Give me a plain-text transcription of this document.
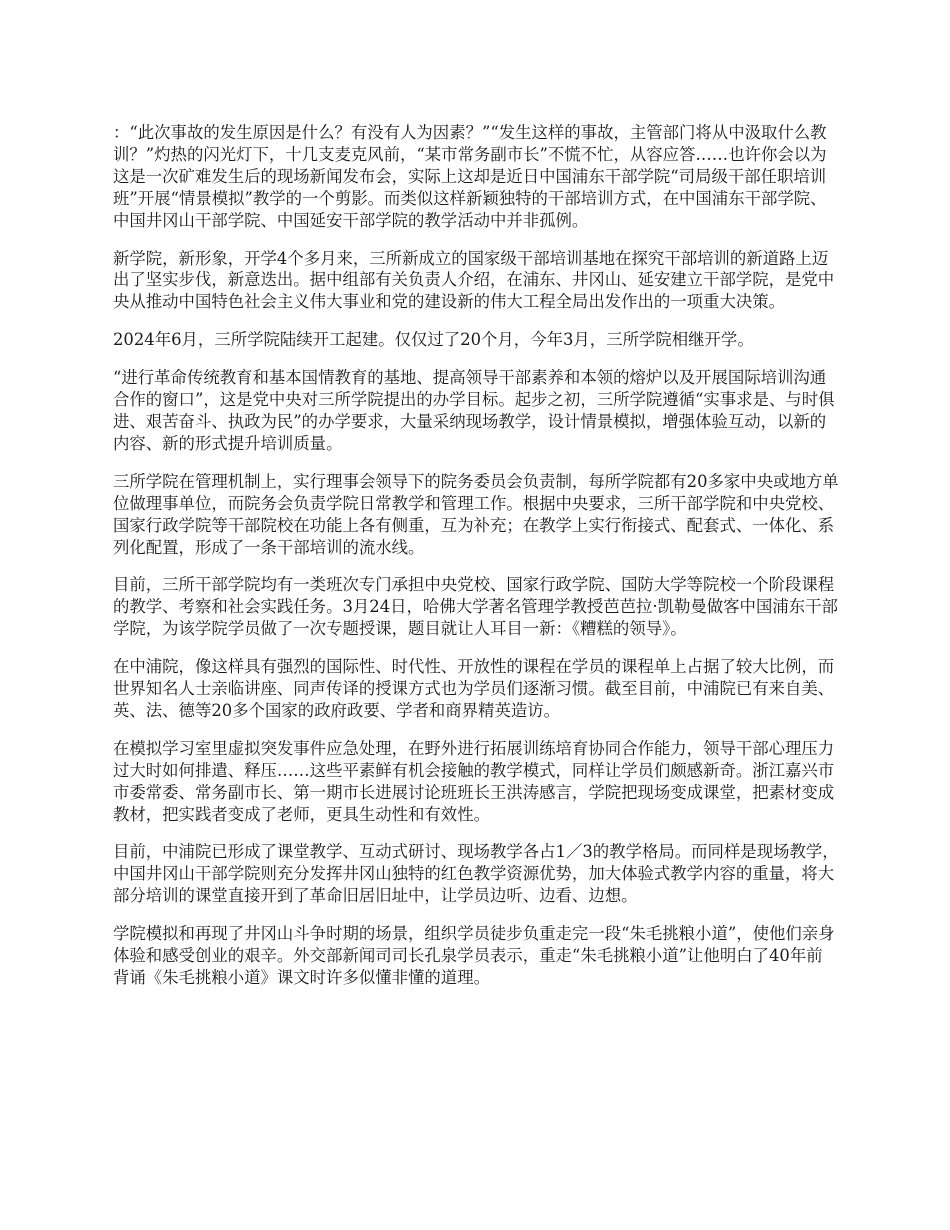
：“此次事故的发生原因是什么？有没有人为因素？”“发生这样的事故，主管部门将从中汲取什么教训？”灼热的闪光灯下，十几支麦克风前，“某市常务副市长”不慌不忙，从容应答……也许你会以为这是一次矿难发生后的现场新闻发布会，实际上这却是近日中国浦东干部学院“司局级干部任职培训班”开展“情景模拟”教学的一个剪影。而类似这样新颖独特的干部培训方式，在中国浦东干部学院、中国井冈山干部学院、中国延安干部学院的教学活动中并非孤例。

新学院，新形象，开学4个多月来，三所新成立的国家级干部培训基地在探究干部培训的新道路上迈出了坚实步伐，新意迭出。据中组部有关负责人介绍，在浦东、井冈山、延安建立干部学院，是党中央从推动中国特色社会主义伟大事业和党的建设新的伟大工程全局出发作出的一项重大决策。

2024年6月，三所学院陆续开工起建。仅仅过了20个月，今年3月，三所学院相继开学。

“进行革命传统教育和基本国情教育的基地、提高领导干部素养和本领的熔炉以及开展国际培训沟通合作的窗口”，这是党中央对三所学院提出的办学目标。起步之初，三所学院遵循“实事求是、与时俱进、艰苦奋斗、执政为民”的办学要求，大量采纳现场教学，设计情景模拟，增强体验互动，以新的内容、新的形式提升培训质量。

三所学院在管理机制上，实行理事会领导下的院务委员会负责制，每所学院都有20多家中央或地方单位做理事单位，而院务会负责学院日常教学和管理工作。根据中央要求，三所干部学院和中央党校、国家行政学院等干部院校在功能上各有侧重，互为补充；在教学上实行衔接式、配套式、一体化、系列化配置，形成了一条干部培训的流水线。

目前，三所干部学院均有一类班次专门承担中央党校、国家行政学院、国防大学等院校一个阶段课程的教学、考察和社会实践任务。3月24日，哈佛大学著名管理学教授芭芭拉·凯勒曼做客中国浦东干部学院，为该学院学员做了一次专题授课，题目就让人耳目一新：《糟糕的领导》。

在中浦院，像这样具有强烈的国际性、时代性、开放性的课程在学员的课程单上占据了较大比例，而世界知名人士亲临讲座、同声传译的授课方式也为学员们逐渐习惯。截至目前，中浦院已有来自美、英、法、德等20多个国家的政府政要、学者和商界精英造访。

在模拟学习室里虚拟突发事件应急处理，在野外进行拓展训练培育协同合作能力，领导干部心理压力过大时如何排遣、释压……这些平素鲜有机会接触的教学模式，同样让学员们颇感新奇。浙江嘉兴市市委常委、常务副市长、第一期市长进展讨论班班长王洪涛感言，学院把现场变成课堂，把素材变成教材，把实践者变成了老师，更具生动性和有效性。

目前，中浦院已形成了课堂教学、互动式研讨、现场教学各占1／3的教学格局。而同样是现场教学，中国井冈山干部学院则充分发挥井冈山独特的红色教学资源优势，加大体验式教学内容的重量，将大部分培训的课堂直接开到了革命旧居旧址中，让学员边听、边看、边想。

学院模拟和再现了井冈山斗争时期的场景，组织学员徒步负重走完一段“朱毛挑粮小道”，使他们亲身体验和感受创业的艰辛。外交部新闻司司长孔泉学员表示，重走“朱毛挑粮小道”让他明白了40年前背诵《朱毛挑粮小道》课文时许多似懂非懂的道理。
